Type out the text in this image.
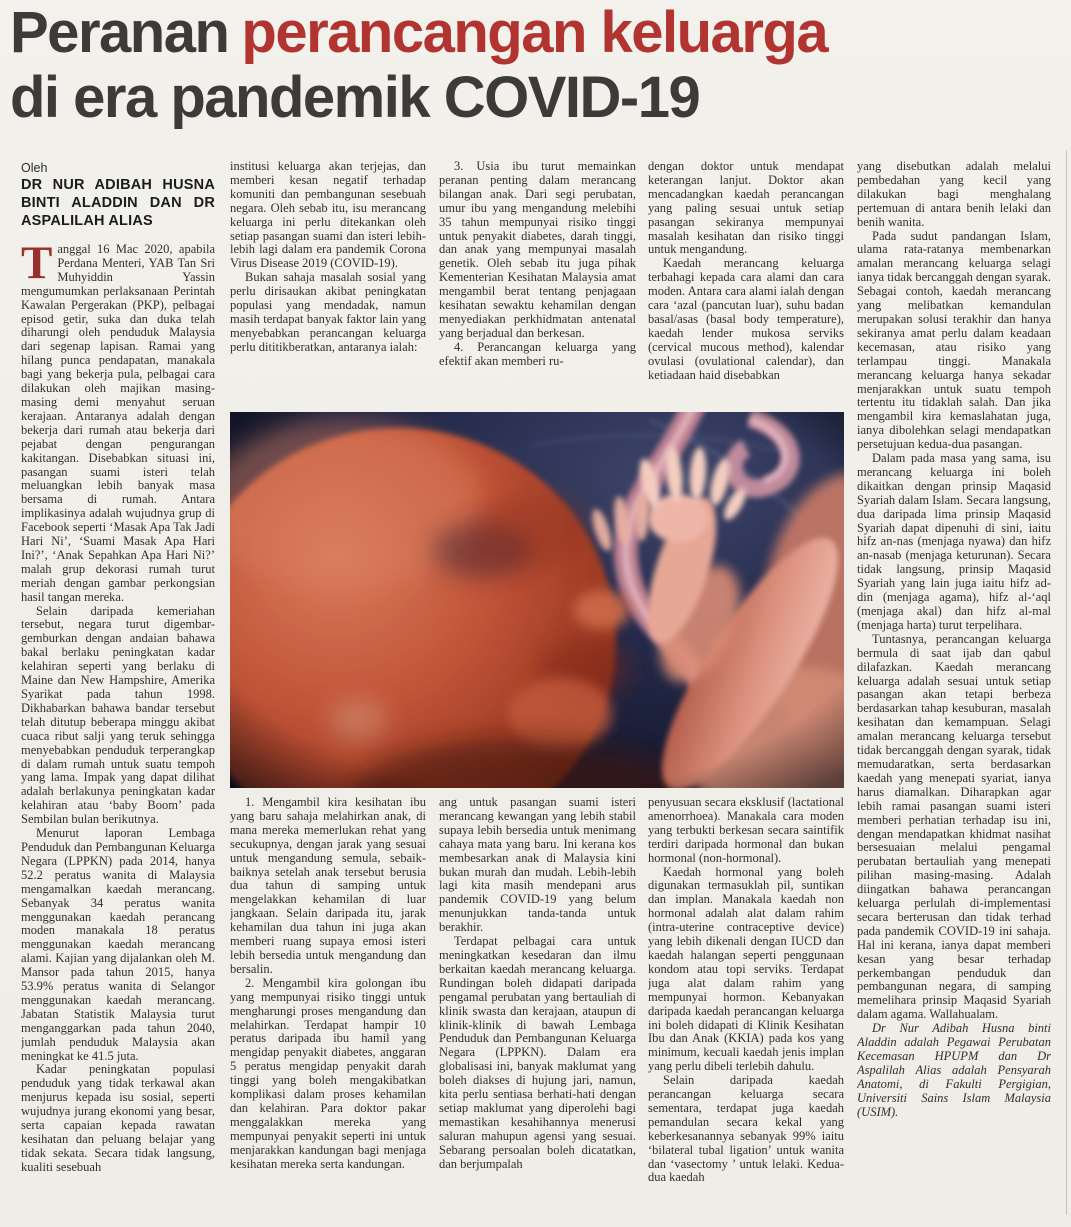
Peranan perancangan keluarga
di era pandemik COVID-19
Oleh
DR NUR ADIBAH HUSNA BINTI ALADDIN DAN DR ASPALILAH ALIAS

Tanggal 16 Mac 2020, apabila Perdana Menteri, YAB Tan Sri Muhyiddin Yassin mengumumkan perlaksanaan Perintah Kawalan Pergerakan (PKP), pelbagai episod getir, suka dan duka telah diharungi oleh penduduk Malaysia dari segenap lapisan. Ramai yang hilang punca pendapatan, manakala bagi yang bekerja pula, pelbagai cara dilakukan oleh majikan masing-masing demi menyahut seruan kerajaan. Antaranya adalah dengan bekerja dari rumah atau bekerja dari pejabat dengan pengurangan kakitangan. Disebabkan situasi ini, pasangan suami isteri telah meluangkan lebih banyak masa bersama di rumah. Antara implikasinya adalah wujudnya grup di Facebook seperti ‘Masak Apa Tak Jadi Hari Ni’, ‘Suami Masak Apa Hari Ini?’, ‘Anak Sepahkan Apa Hari Ni?’ malah grup dekorasi rumah turut meriah dengan gambar perkongsian hasil tangan mereka.

Selain daripada kemeriahan tersebut, negara turut digembar-gemburkan dengan andaian bahawa bakal berlaku peningkatan kadar kelahiran seperti yang berlaku di Maine dan New Hampshire, Amerika Syarikat pada tahun 1998. Dikhabarkan bahawa bandar tersebut telah ditutup beberapa minggu akibat cuaca ribut salji yang teruk sehingga menyebabkan penduduk terperangkap di dalam rumah untuk suatu tempoh yang lama. Impak yang dapat dilihat adalah berlakunya peningkatan kadar kelahiran atau ‘baby Boom’ pada Sembilan bulan berikutnya.

Menurut laporan Lembaga Penduduk dan Pembangunan Keluarga Negara (LPPKN) pada 2014, hanya 52.2 peratus wanita di Malaysia mengamalkan kaedah merancang. Sebanyak 34 peratus wanita menggunakan kaedah perancang moden manakala 18 peratus menggunakan kaedah merancang alami. Kajian yang dijalankan oleh M. Mansor pada tahun 2015, hanya 53.9% peratus wanita di Selangor menggunakan kaedah merancang. Jabatan Statistik Malaysia turut menganggarkan pada tahun 2040, jumlah penduduk Malaysia akan meningkat ke 41.5 juta.

Kadar peningkatan populasi penduduk yang tidak terkawal akan menjurus kepada isu sosial, seperti wujudnya jurang ekonomi yang besar, serta capaian kepada rawatan kesihatan dan peluang belajar yang tidak sekata. Secara tidak langsung, kualiti sesebuah

institusi keluarga akan terjejas, dan memberi kesan negatif terhadap komuniti dan pembangunan sesebuah negara. Oleh sebab itu, isu merancang keluarga ini perlu ditekankan oleh setiap pasangan suami dan isteri lebih-lebih lagi dalam era pandemik Corona Virus Disease 2019 (COVID-19).

Bukan sahaja masalah sosial yang perlu dirisaukan akibat peningkatan populasi yang mendadak, namun masih terdapat banyak faktor lain yang menyebabkan perancangan keluarga perlu dititikberatkan, antaranya ialah:

3. Usia ibu turut memainkan peranan penting dalam merancang bilangan anak. Dari segi perubatan, umur ibu yang mengandung melebihi 35 tahun mempunyai risiko tinggi untuk penyakit diabetes, darah tinggi, dan anak yang mempunyai masalah genetik. Oleh sebab itu juga pihak Kementerian Kesihatan Malaysia amat mengambil berat tentang penjagaan kesihatan sewaktu kehamilan dengan menyediakan perkhidmatan antenatal yang berjadual dan berkesan.

4. Perancangan keluarga yang efektif akan memberi ru-

dengan doktor untuk mendapat keterangan lanjut. Doktor akan mencadangkan kaedah perancangan yang paling sesuai untuk setiap pasangan sekiranya mempunyai masalah kesihatan dan risiko tinggi untuk mengandung.

Kaedah merancang keluarga terbahagi kepada cara alami dan cara moden. Antara cara alami ialah dengan cara ‘azal (pancutan luar), suhu badan basal/asas (basal body temperature), kaedah lender mukosa serviks (cervical mucous method), kalendar ovulasi (ovulational calendar), dan ketiadaan haid disebabkan

1. Mengambil kira kesihatan ibu yang baru sahaja melahirkan anak, di mana mereka memerlukan rehat yang secukupnya, dengan jarak yang sesuai untuk mengandung semula, sebaik-baiknya setelah anak tersebut berusia dua tahun di samping untuk mengelakkan kehamilan di luar jangkaan. Selain daripada itu, jarak kehamilan dua tahun ini juga akan memberi ruang supaya emosi isteri lebih bersedia untuk mengandung dan bersalin.

2. Mengambil kira golongan ibu yang mempunyai risiko tinggi untuk mengharungi proses mengandung dan melahirkan. Terdapat hampir 10 peratus daripada ibu hamil yang mengidap penyakit diabetes, anggaran 5 peratus mengidap penyakit darah tinggi yang boleh mengakibatkan komplikasi dalam proses kehamilan dan kelahiran. Para doktor pakar menggalakkan mereka yang mempunyai penyakit seperti ini untuk menjarakkan kandungan bagi menjaga kesihatan mereka serta kandungan.

ang untuk pasangan suami isteri merancang kewangan yang lebih stabil supaya lebih bersedia untuk menimang cahaya mata yang baru. Ini kerana kos membesarkan anak di Malaysia kini bukan murah dan mudah. Lebih-lebih lagi kita masih mendepani arus pandemik COVID-19 yang belum menunjukkan tanda-tanda untuk berakhir.

Terdapat pelbagai cara untuk meningkatkan kesedaran dan ilmu berkaitan kaedah merancang keluarga. Rundingan boleh didapati daripada pengamal perubatan yang bertauliah di klinik swasta dan kerajaan, ataupun di klinik-klinik di bawah Lembaga Penduduk dan Pembangunan Keluarga Negara (LPPKN). Dalam era globalisasi ini, banyak maklumat yang boleh diakses di hujung jari, namun, kita perlu sentiasa berhati-hati dengan setiap maklumat yang diperolehi bagi memastikan kesahihannya menerusi saluran mahupun agensi yang sesuai. Sebarang persoalan boleh dicatatkan, dan berjumpalah

penyusuan secara eksklusif (lactational amenorrhoea). Manakala cara moden yang terbukti berkesan secara saintifik terdiri daripada hormonal dan bukan hormonal (non-hormonal).

Kaedah hormonal yang boleh digunakan termasuklah pil, suntikan dan implan. Manakala kaedah non hormonal adalah alat dalam rahim (intra-uterine contraceptive device) yang lebih dikenali dengan IUCD dan kaedah halangan seperti penggunaan kondom atau topi serviks. Terdapat juga alat dalam rahim yang mempunyai hormon. Kebanyakan daripada kaedah perancangan keluarga ini boleh didapati di Klinik Kesihatan Ibu dan Anak (KKIA) pada kos yang minimum, kecuali kaedah jenis implan yang perlu dibeli terlebih dahulu.

Selain daripada kaedah perancangan keluarga secara sementara, terdapat juga kaedah pemandulan secara kekal yang keberkesanannya sebanyak 99% iaitu ‘bilateral tubal ligation’ untuk wanita dan ‘vasectomy ’ untuk lelaki. Kedua-dua kaedah

yang disebutkan adalah melalui pembedahan yang kecil yang dilakukan bagi menghalang pertemuan di antara benih lelaki dan benih wanita.

Pada sudut pandangan Islam, ulama rata-ratanya membenarkan amalan merancang keluarga selagi ianya tidak bercanggah dengan syarak. Sebagai contoh, kaedah merancang yang melibatkan kemandulan merupakan solusi terakhir dan hanya sekiranya amat perlu dalam keadaan kecemasan, atau risiko yang terlampau tinggi. Manakala merancang keluarga hanya sekadar menjarakkan untuk suatu tempoh tertentu itu tidaklah salah. Dan jika mengambil kira kemaslahatan juga, ianya dibolehkan selagi mendapatkan persetujuan kedua-dua pasangan.

Dalam pada masa yang sama, isu merancang keluarga ini boleh dikaitkan dengan prinsip Maqasid Syariah dalam Islam. Secara langsung, dua daripada lima prinsip Maqasid Syariah dapat dipenuhi di sini, iaitu hifz an-nas (menjaga nyawa) dan hifz an-nasab (menjaga keturunan). Secara tidak langsung, prinsip Maqasid Syariah yang lain juga iaitu hifz ad-din (menjaga agama), hifz al-‘aql (menjaga akal) dan hifz al-mal (menjaga harta) turut terpelihara.

Tuntasnya, perancangan keluarga bermula di saat ijab dan qabul dilafazkan. Kaedah merancang keluarga adalah sesuai untuk setiap pasangan akan tetapi berbeza berdasarkan tahap kesuburan, masalah kesihatan dan kemampuan. Selagi amalan merancang keluarga tersebut tidak bercanggah dengan syarak, tidak memudaratkan, serta berdasarkan kaedah yang menepati syariat, ianya harus diamalkan. Diharapkan agar lebih ramai pasangan suami isteri memberi perhatian terhadap isu ini, dengan mendapatkan khidmat nasihat bersesuaian melalui pengamal perubatan bertauliah yang menepati pilihan masing-masing. Adalah diingatkan bahawa perancangan keluarga perlulah di-implementasi secara berterusan dan tidak terhad pada pandemik COVID-19 ini sahaja. Hal ini kerana, ianya dapat memberi kesan yang besar terhadap perkembangan penduduk dan pembangunan negara, di samping memelihara prinsip Maqasid Syariah dalam agama. Wallahualam.

Dr Nur Adibah Husna binti Aladdin adalah Pegawai Perubatan Kecemasan HPUPM dan Dr Aspalilah Alias adalah Pensyarah Anatomi, di Fakulti Pergigian, Universiti Sains Islam Malaysia (USIM).
